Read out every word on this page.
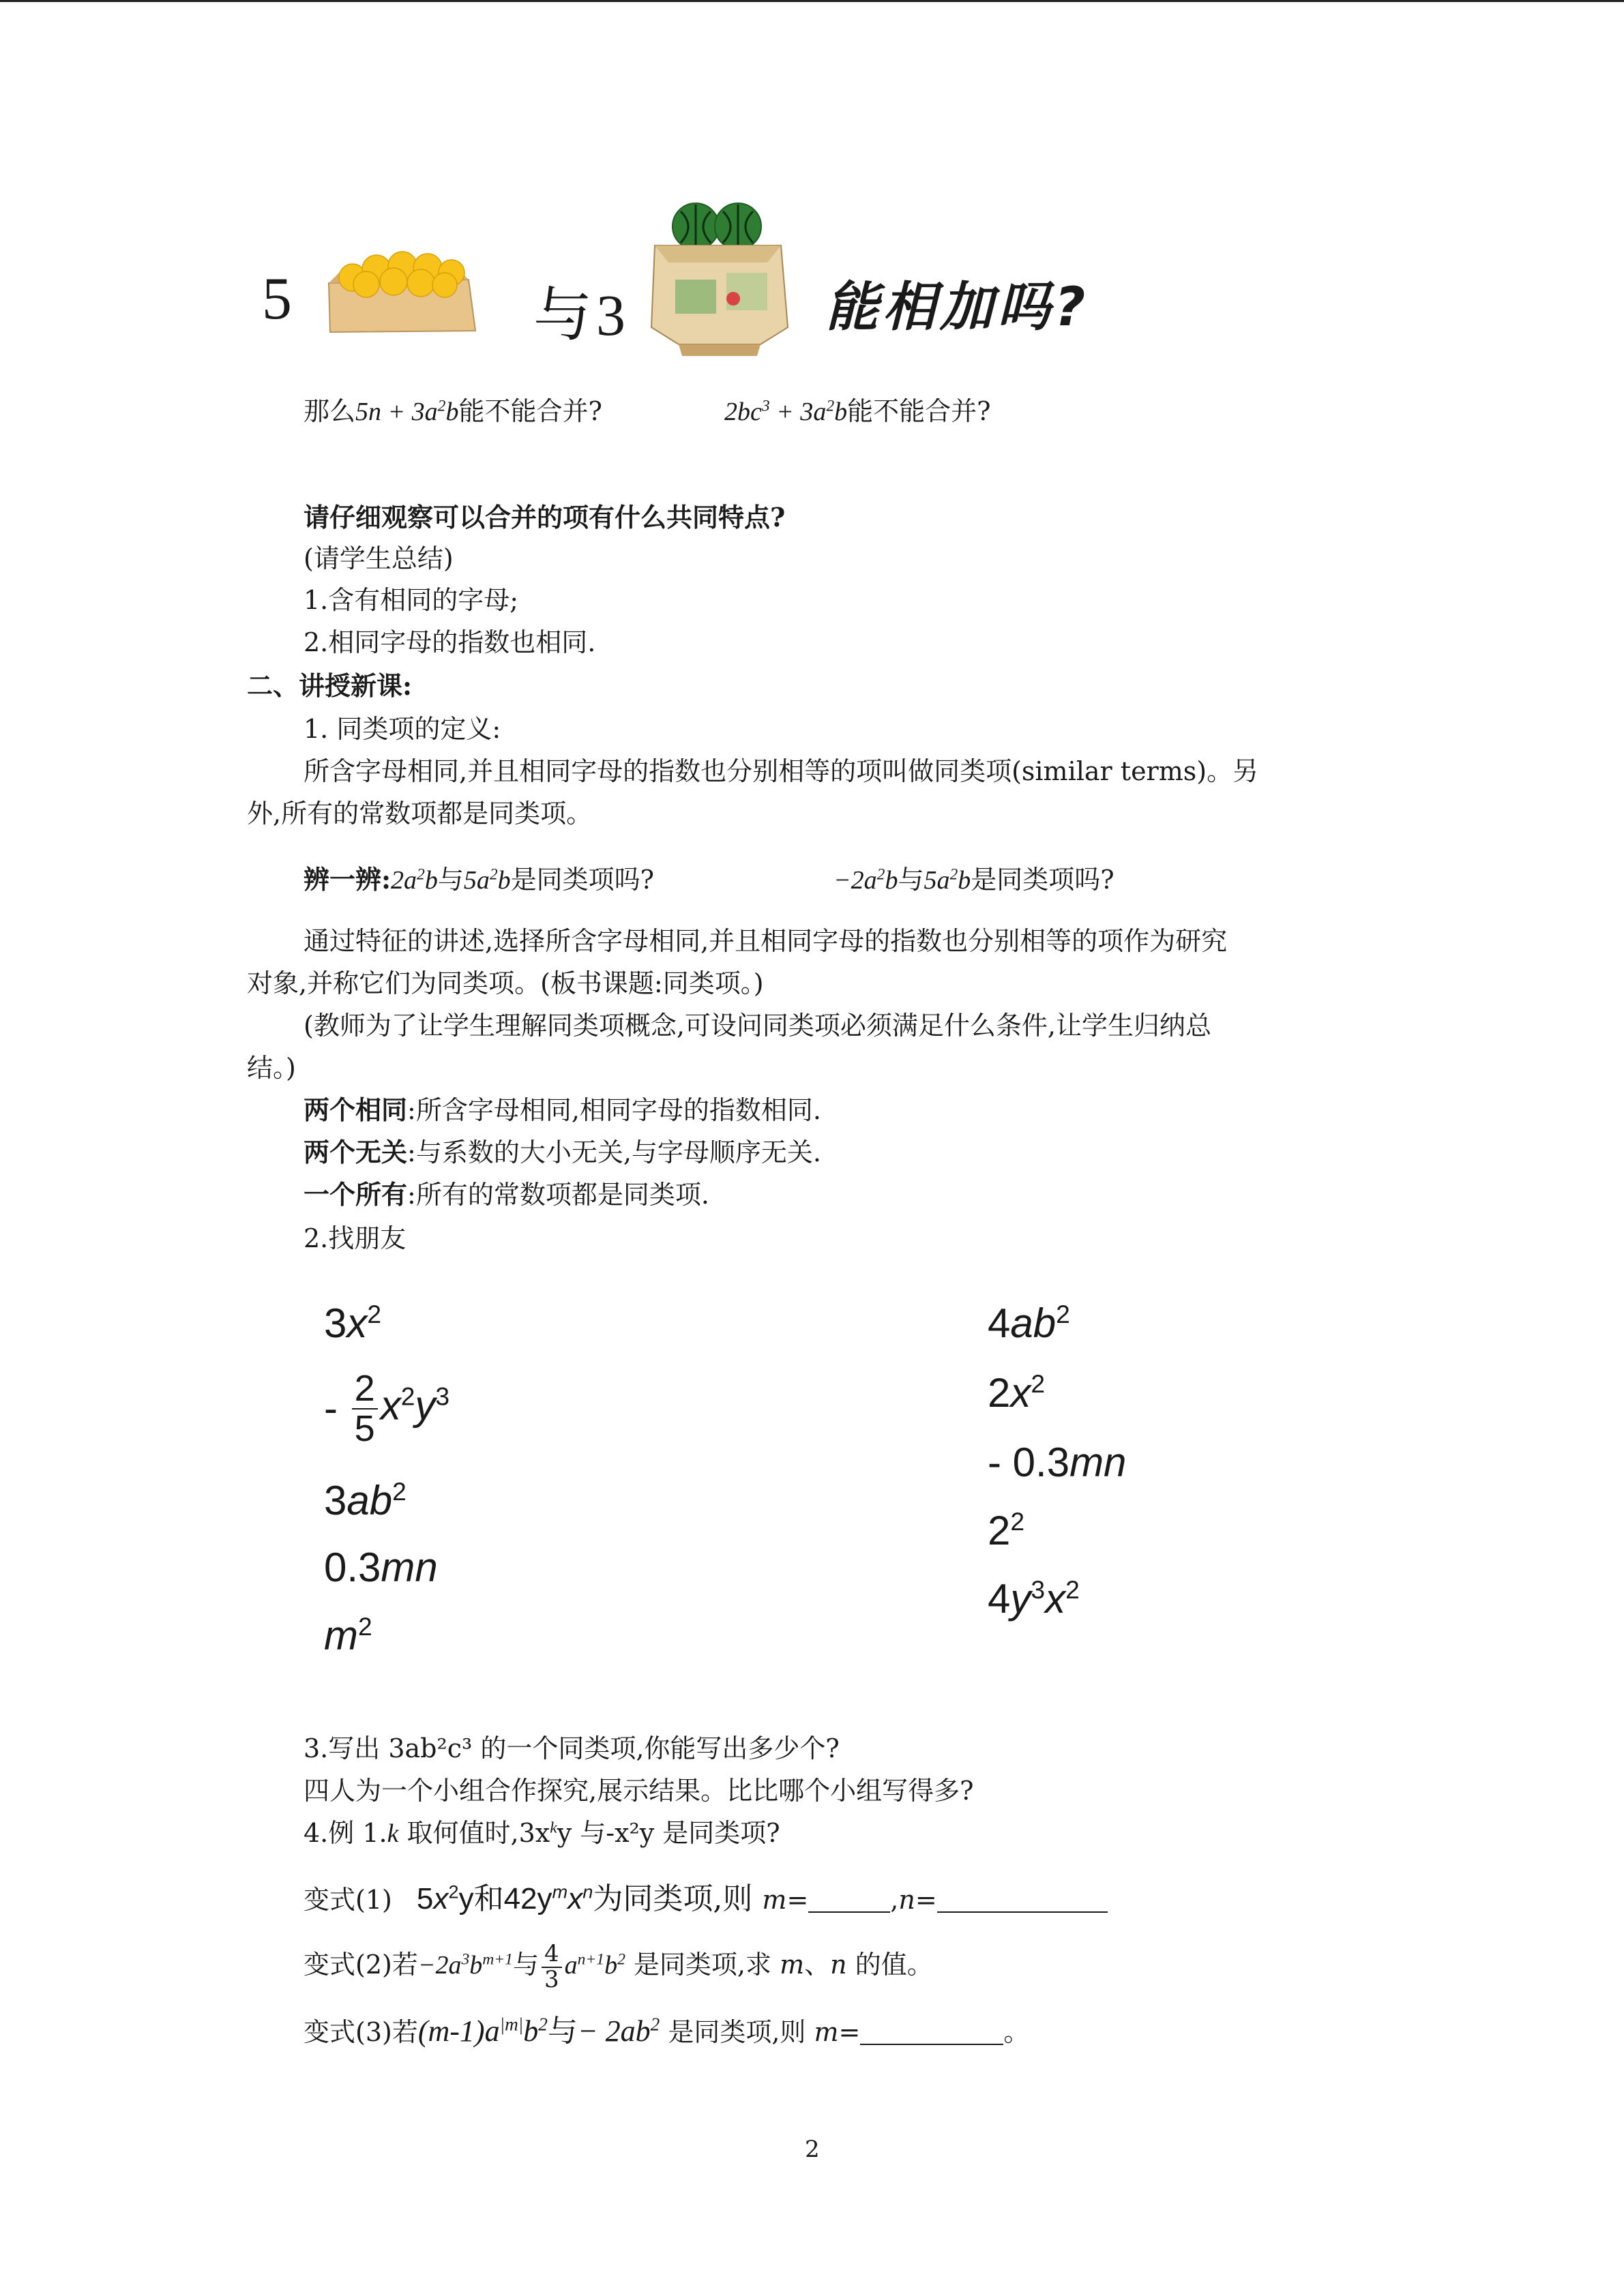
5	与3	能相加吗?
那么$5n + 3a^2b$能不能合并?	$2bc^3 + 3a^2b$能不能合并?
请仔细观察可以合并的项有什么共同特点?
(请学生总结)
1.含有相同的字母;
2.相同字母的指数也相同.
二、讲授新课:
1. 同类项的定义:
所含字母相同,并且相同字母的指数也分别相等的项叫做同类项(similar terms)。另
外,所有的常数项都是同类项。
辨一辨$:2a^2b$与$5a^2b$是同类项吗?	$-2a^2b$与$5a^2b$是同类项吗?
通过特征的讲述,选择所含字母相同,并且相同字母的指数也分别相等的项作为研究
对象,并称它们为同类项。(板书课题:同类项。)
(教师为了让学生理解同类项概念,可设问同类项必须满足什么条件,让学生归纳总
结。)
两个相同:所含字母相同,相同字母的指数相同.
两个无关:与系数的大小无关,与字母顺序无关.
一个所有:所有的常数项都是同类项.
2.找朋友
$3x^2$
- $\frac{2}{5} x^2y^3$
$3ab^2$
0.3mn
$m^2$
$4ab^2$
$2x^2$
- 0.3mn
$2^2$
$4y^3x^2$
3.写出 3ab²c³ 的一个同类项,你能写出多少个?
四人为一个小组合作探究,展示结果。比比哪个小组写得多?
4.例 1.k 取何值时$,3x^ky$ 与-x²y 是同类项?
变式(1) $5x^2y$和$42y^mx^n$为同类项,则 m=	,n=
变式(2)若$-2a^3b^{m+1}$与 $\frac{4}{3} a^{n+1}b^2$ 是同类项,求 m、n 的值。
变式(3)若$(m-1)a^{|m|}b^2$与− $2ab^2$ 是同类项,则 m=	。
2
